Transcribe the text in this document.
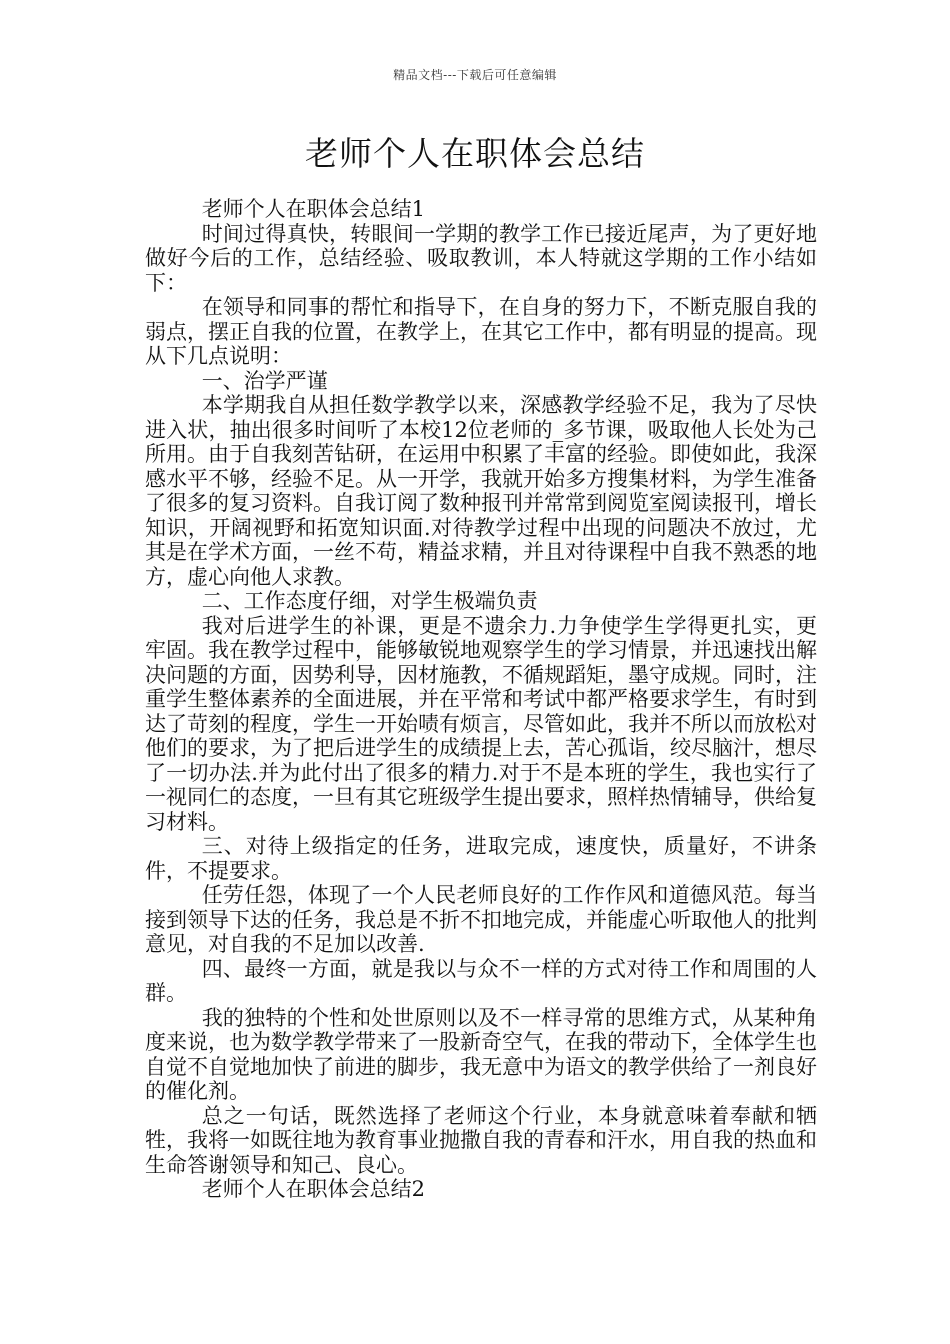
精品文档---下载后可任意编辑
老师个人在职体会总结

老师个人在职体会总结1

时间过得真快，转眼间一学期的教学工作已接近尾声，为了更好地做好今后的工作，总结经验、吸取教训，本人特就这学期的工作小结如下：

在领导和同事的帮忙和指导下，在自身的努力下，不断克服自我的弱点，摆正自我的位置，在教学上，在其它工作中，都有明显的提高。现从下几点说明：

一、治学严谨

本学期我自从担任数学教学以来，深感教学经验不足，我为了尽快进入状，抽出很多时间听了本校12位老师的_多节课，吸取他人长处为己所用。由于自我刻苦钻研，在运用中积累了丰富的经验。即使如此，我深感水平不够，经验不足。从一开学，我就开始多方搜集材料，为学生准备了很多的复习资料。自我订阅了数种报刊并常常到阅览室阅读报刊，增长知识，开阔视野和拓宽知识面.对待教学过程中出现的问题决不放过，尤其是在学术方面，一丝不苟，精益求精，并且对待课程中自我不熟悉的地方，虚心向他人求教。

二、工作态度仔细，对学生极端负责

我对后进学生的补课，更是不遗余力.力争使学生学得更扎实，更牢固。我在教学过程中，能够敏锐地观察学生的学习情景，并迅速找出解决问题的方面，因势利导，因材施教，不循规蹈矩，墨守成规。同时，注重学生整体素养的全面进展，并在平常和考试中都严格要求学生，有时到达了苛刻的程度，学生一开始啧有烦言，尽管如此，我并不所以而放松对他们的要求，为了把后进学生的成绩提上去，苦心孤诣，绞尽脑汁，想尽了一切办法.并为此付出了很多的精力.对于不是本班的学生，我也实行了一视同仁的态度，一旦有其它班级学生提出要求，照样热情辅导，供给复习材料。

三、对待上级指定的任务，进取完成，速度快，质量好，不讲条件，不提要求。

任劳任怨，体现了一个人民老师良好的工作作风和道德风范。每当接到领导下达的任务，我总是不折不扣地完成，并能虚心听取他人的批判意见，对自我的不足加以改善.

四、最终一方面，就是我以与众不一样的方式对待工作和周围的人群。

我的独特的个性和处世原则以及不一样寻常的思维方式，从某种角度来说，也为数学教学带来了一股新奇空气，在我的带动下，全体学生也自觉不自觉地加快了前进的脚步，我无意中为语文的教学供给了一剂良好的催化剂。

总之一句话，既然选择了老师这个行业，本身就意味着奉献和牺牲，我将一如既往地为教育事业抛撒自我的青春和汗水，用自我的热血和生命答谢领导和知己、良心。

老师个人在职体会总结2
